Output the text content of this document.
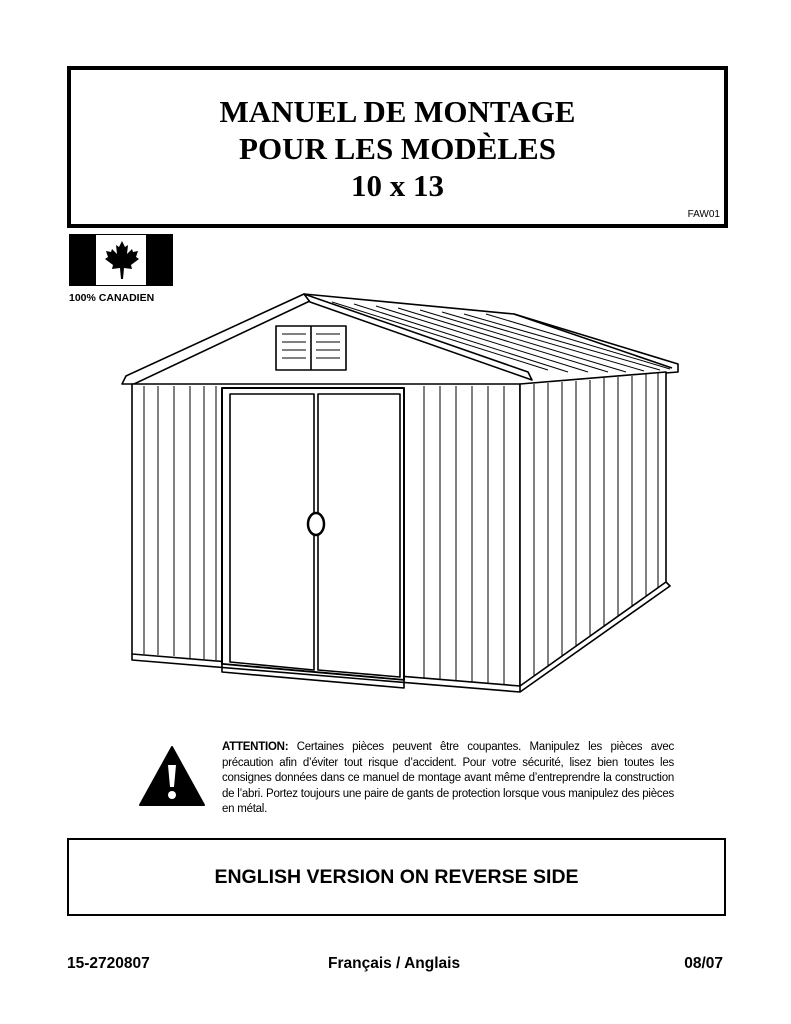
MANUEL DE MONTAGE
POUR LES MODÈLES
10 x 13
FAW01
100% CANADIEN
ATTENTION: Certaines pièces peuvent être coupantes. Manipulez les pièces avec précaution afin d’éviter tout risque d’accident. Pour votre sécurité, lisez bien toutes les consignes données dans ce manuel de montage avant même d’entreprendre la construction de l’abri. Portez toujours une paire de gants de protection lorsque vous manipulez des pièces en métal.
ENGLISH VERSION ON REVERSE SIDE
15-2720807	Français / Anglais	08/07
